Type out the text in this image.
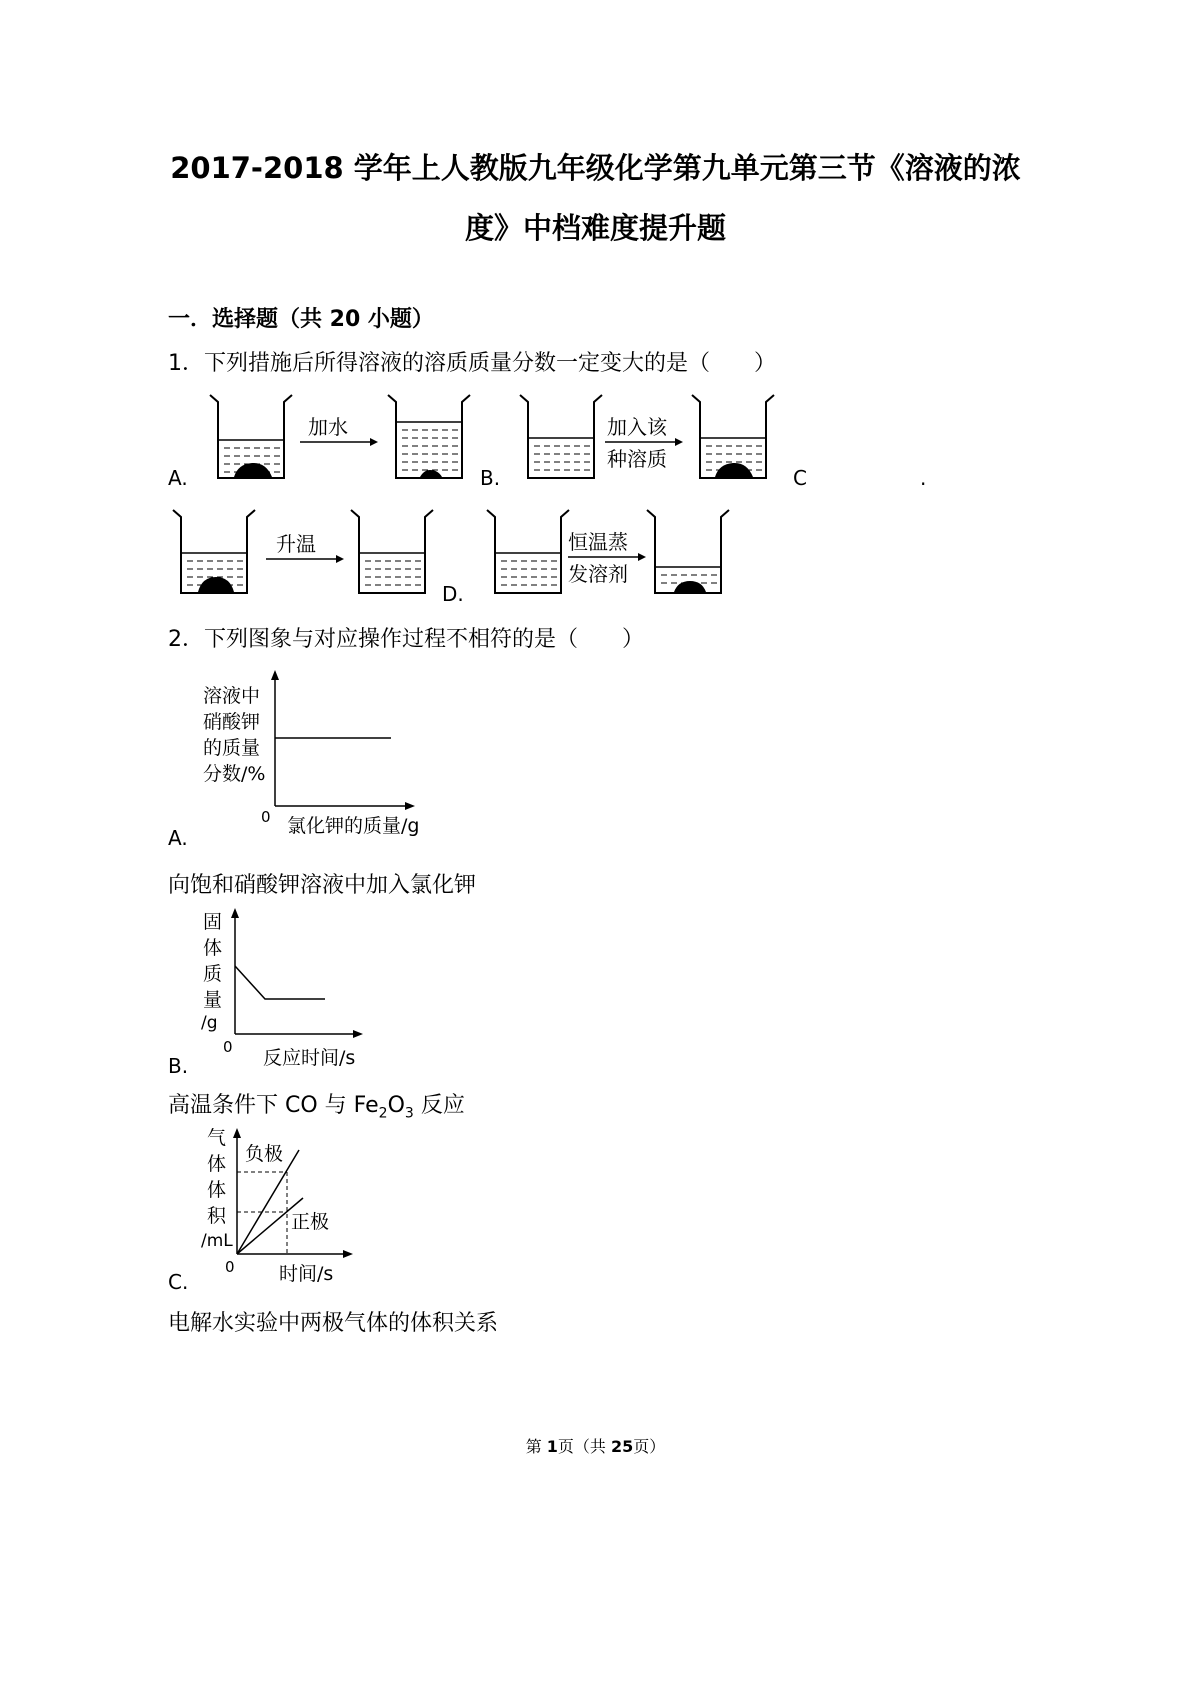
2017-2018 学年上人教版九年级化学第九单元第三节《溶液的浓
度》中档难度提升题
一．选择题（共 20 小题）
1．下列措施后所得溶液的溶质质量分数一定变大的是（　　）
A.
加水
B.
加入该
种溶质
C	.
升温
D.
恒温蒸
发溶剂
2．下列图象与对应操作过程不相符的是（　　）
A.
溶液中
硝酸钾
的质量
分数/%
0 氯化钾的质量/g
向饱和硝酸钾溶液中加入氯化钾
B.
固
体
质
量
/g
0 反应时间/s
高温条件下 CO 与 $Fe_2O_3$ 反应
C.
气
体
体
积
/mL
负极
正极
0 时间/s
电解水实验中两极气体的体积关系
第 1页（共 25页）
